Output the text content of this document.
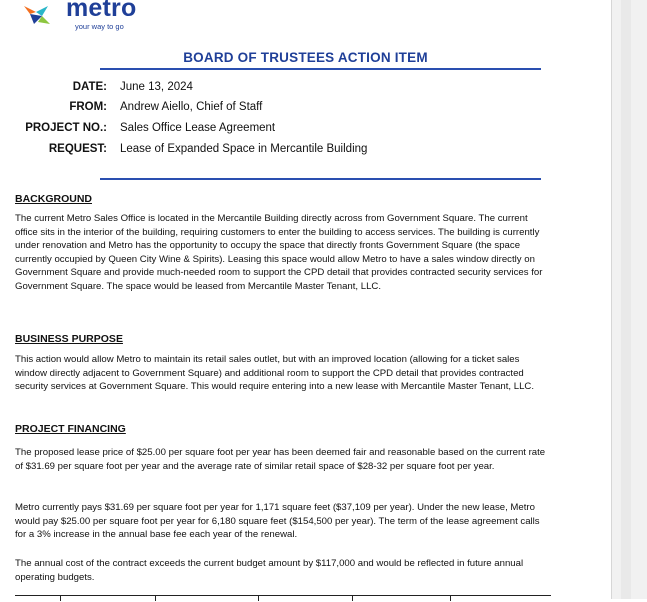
metro
your way to go
BOARD OF TRUSTEES ACTION ITEM
DATE: June 13, 2024
FROM: Andrew Aiello, Chief of Staff
PROJECT NO.: Sales Office Lease Agreement
REQUEST: Lease of Expanded Space in Mercantile Building
BACKGROUND
The current Metro Sales Office is located in the Mercantile Building directly across from Government Square. The current office sits in the interior of the building, requiring customers to enter the building to access services. The building is currently under renovation and Metro has the opportunity to occupy the space that directly fronts Government Square (the space currently occupied by Queen City Wine & Spirits). Leasing this space would allow Metro to have a sales window directly on Government Square and provide much-needed room to support the CPD detail that provides contracted security services for Government Square. The space would be leased from Mercantile Master Tenant, LLC.
BUSINESS PURPOSE
This action would allow Metro to maintain its retail sales outlet, but with an improved location (allowing for a ticket sales window directly adjacent to Government Square) and additional room to support the CPD detail that provides contracted security services at Government Square. This would require entering into a new lease with Mercantile Master Tenant, LLC.
PROJECT FINANCING
The proposed lease price of $25.00 per square foot per year has been deemed fair and reasonable based on the current rate of $31.69 per square foot per year and the average rate of similar retail space of $28-32 per square foot per year.
Metro currently pays $31.69 per square foot per year for 1,171 square feet ($37,109 per year). Under the new lease, Metro would pay $25.00 per square foot per year for 6,180 square feet ($154,500 per year). The term of the lease agreement calls for a 3% increase in the annual base fee each year of the renewal.
The annual cost of the contract exceeds the current budget amount by $117,000 and would be reflected in future annual operating budgets.
